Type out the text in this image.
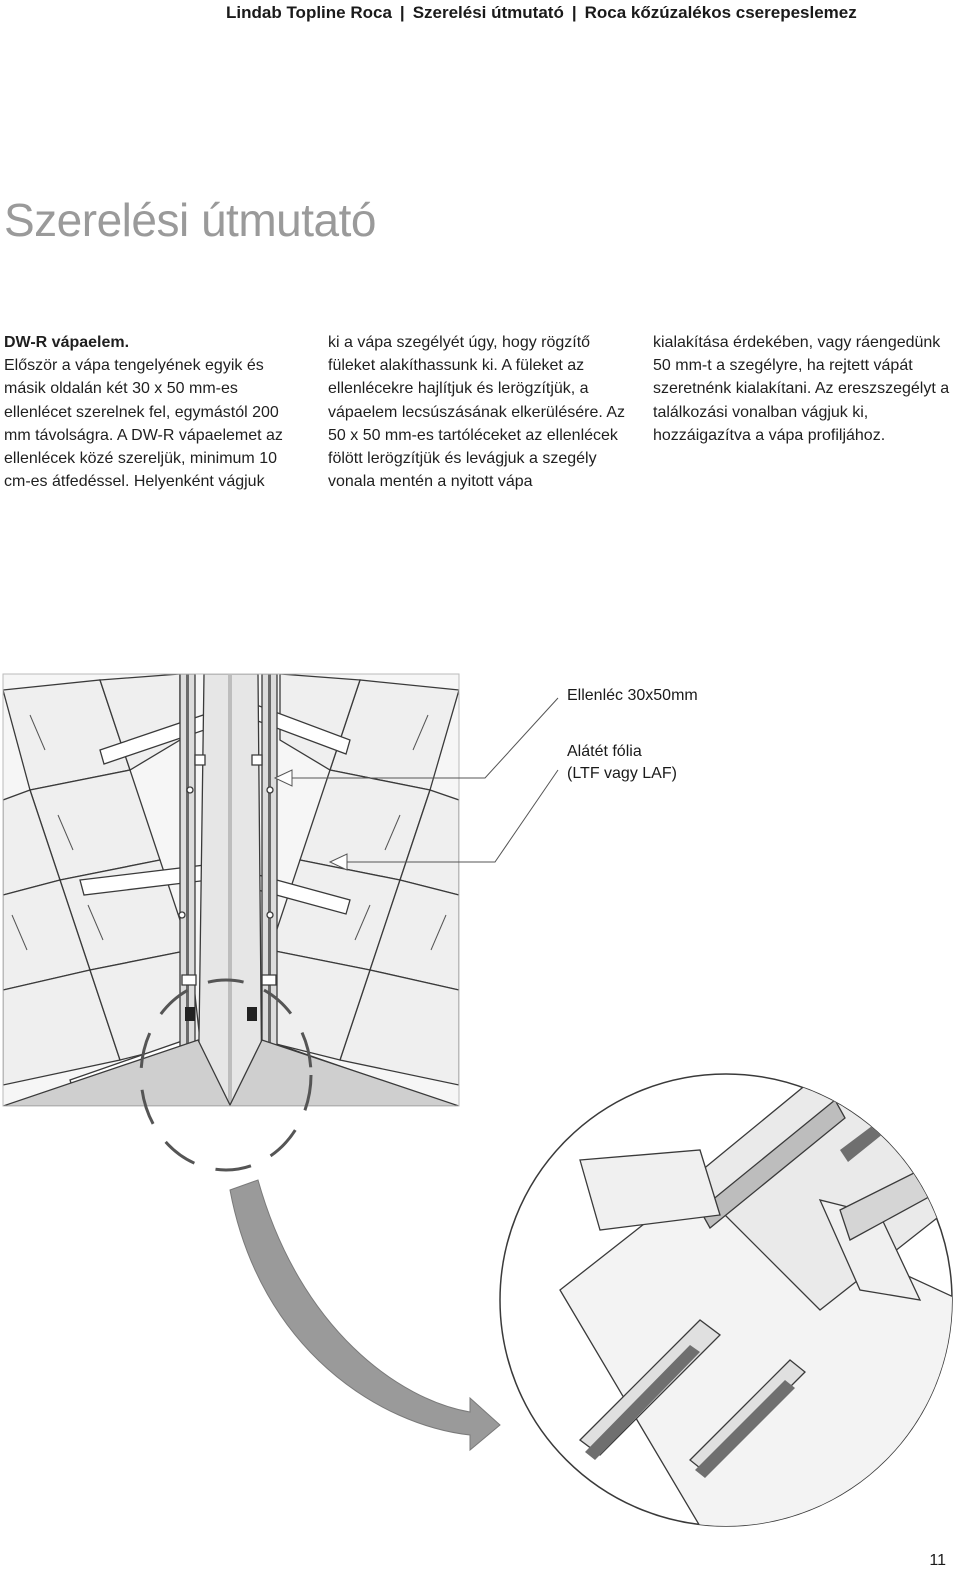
Lindab Topline Roca | Szerelési útmutató | Roca kőzúzalékos cserepeslemez
Szerelési útmutató

DW-R vápaelem.

Először a vápa tengelyének egyik és másik oldalán két 30 x 50 mm-es ellenlécet szerelnek fel, egymástól 200 mm távolságra. A DW-R vápaelemet az ellenlécek közé szereljük, minimum 10 cm-es átfedéssel. Helyenként vágjuk

ki a vápa szegélyét úgy, hogy rögzítő füleket alakíthassunk ki. A füleket az ellenlécekre hajlítjuk és lerögzítjük, a vápaelem lecsúszásának elkerülésére. Az 50 x 50 mm-es tartóléceket az ellenlécek fölött lerögzítjük és levágjuk a szegély vonala mentén a nyitott vápa

kialakítása érdekében, vagy ráengedünk 50 mm-t a szegélyre, ha rejtett vápát szeretnénk kialakítani. Az ereszszegélyt a találkozási vonalban vágjuk ki, hozzáigazítva a vápa profiljához.

Ellenléc 30x50mm
Alátét fólia
(LTF vagy LAF)
11
